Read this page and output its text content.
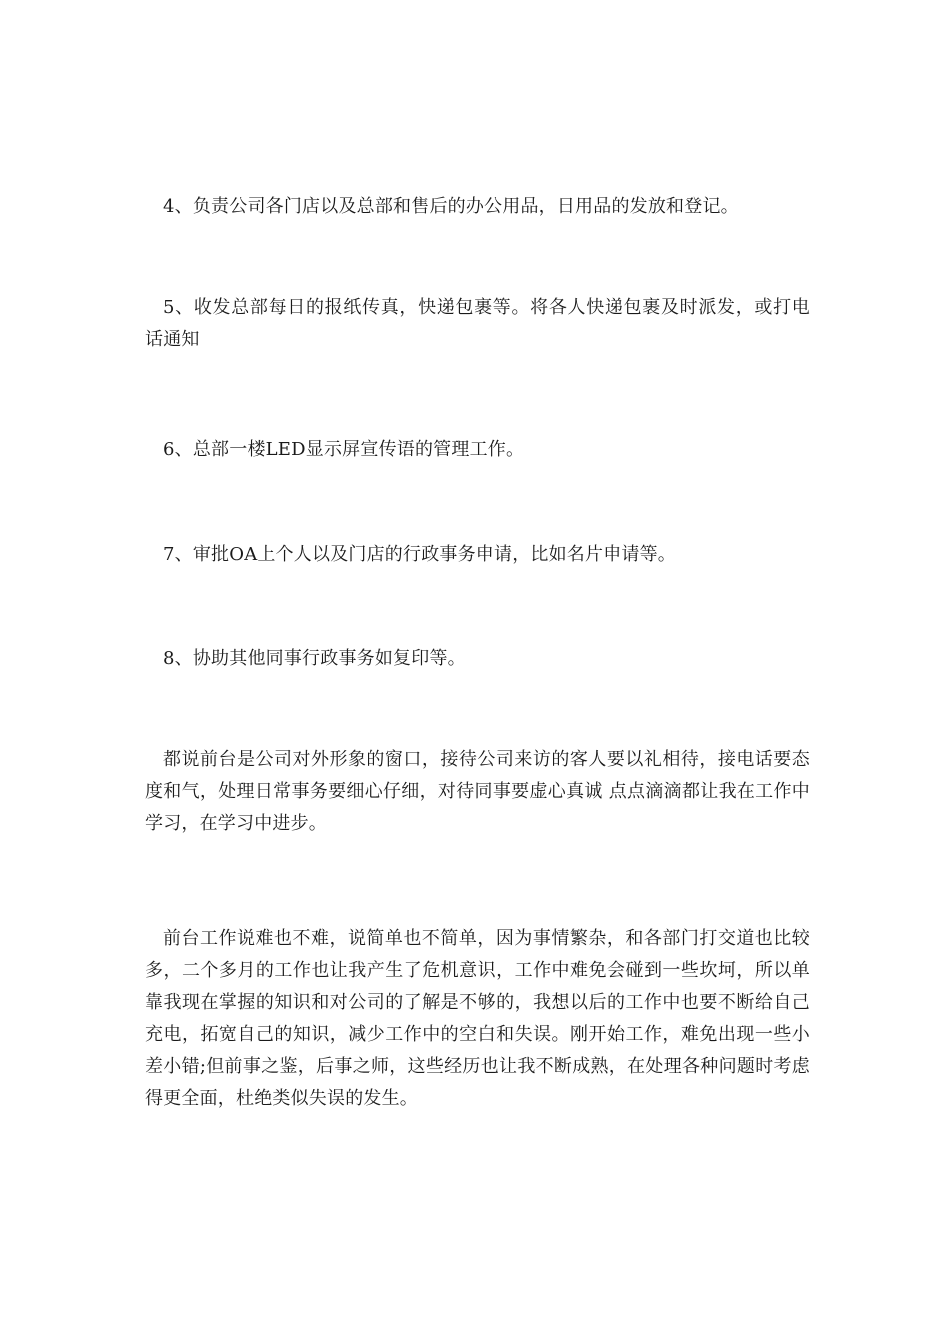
4、负责公司各门店以及总部和售后的办公用品，日用品的发放和登记。

5、收发总部每日的报纸传真，快递包裹等。将各人快递包裹及时派发，或打电话通知

6、总部一楼LED显示屏宣传语的管理工作。

7、审批OA上个人以及门店的行政事务申请，比如名片申请等。

8、协助其他同事行政事务如复印等。

都说前台是公司对外形象的窗口，接待公司来访的客人要以礼相待，接电话要态度和气，处理日常事务要细心仔细，对待同事要虚心真诚 点点滴滴都让我在工作中学习，在学习中进步。

前台工作说难也不难，说简单也不简单，因为事情繁杂，和各部门打交道也比较多，二个多月的工作也让我产生了危机意识，工作中难免会碰到一些坎坷，所以单靠我现在掌握的知识和对公司的了解是不够的，我想以后的工作中也要不断给自己充电，拓宽自己的知识，减少工作中的空白和失误。刚开始工作，难免出现一些小差小错;但前事之鉴，后事之师，这些经历也让我不断成熟，在处理各种问题时考虑得更全面，杜绝类似失误的发生。
